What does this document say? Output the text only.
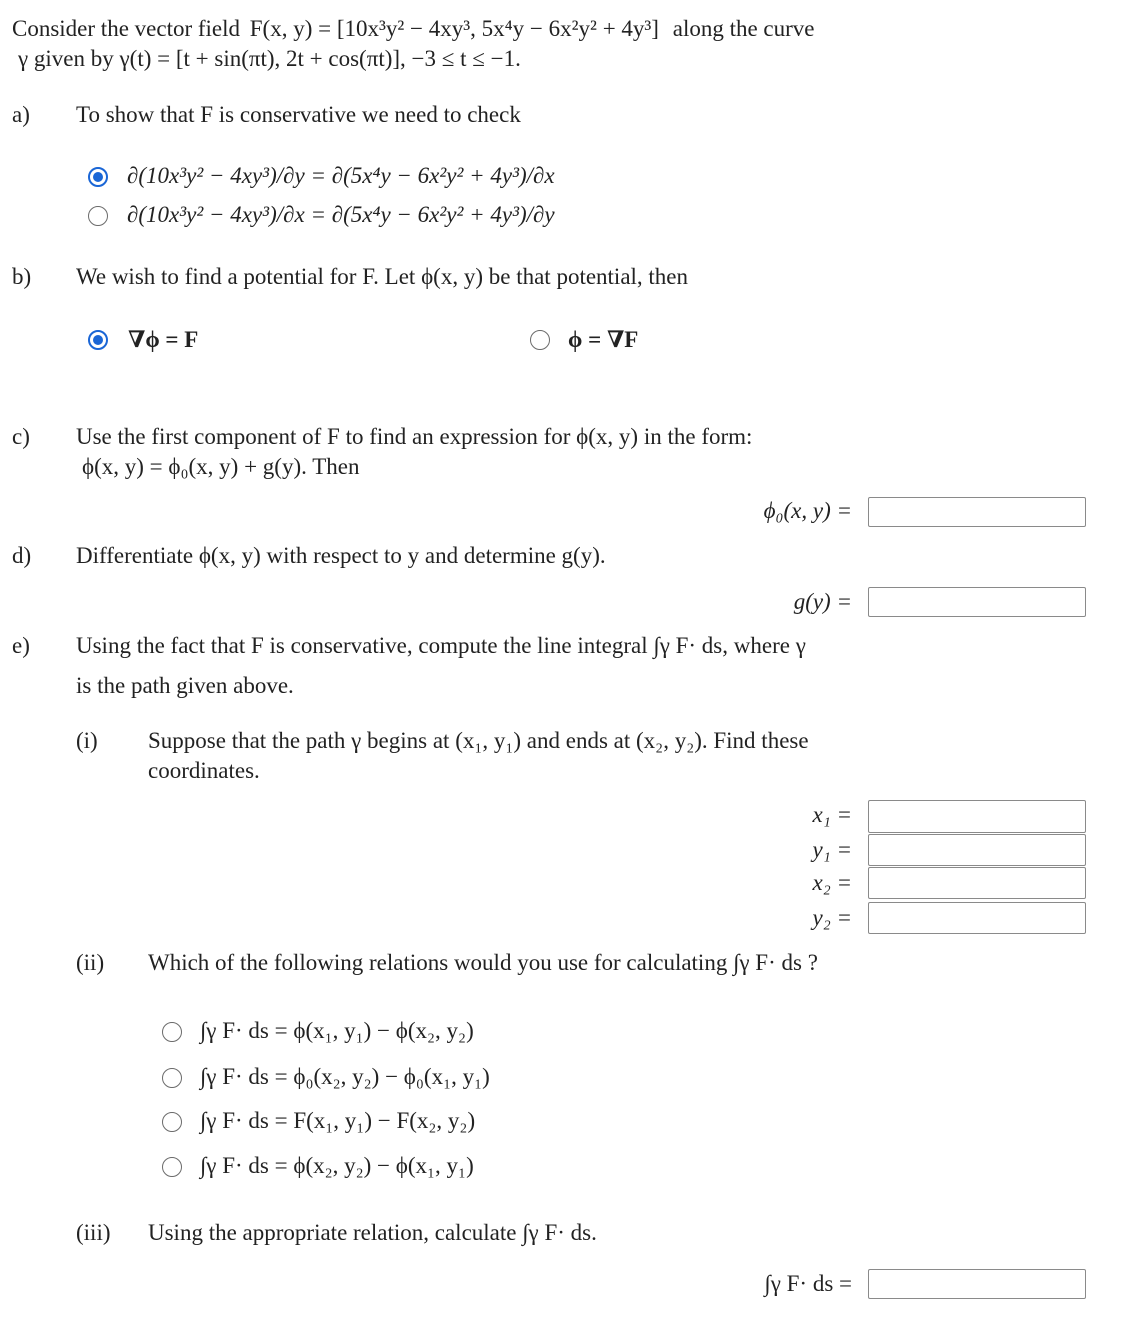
Consider the vector field F(x, y) = [10x³y² − 4xy³, 5x⁴y − 6x²y² + 4y³] along the curve
γ given by γ(t) = [t + sin(πt), 2t + cos(πt)], −3 ≤ t ≤ −1.
a) To show that F is conservative we need to check
∂(10x³y² − 4xy³)/∂y = ∂(5x⁴y − 6x²y² + 4y³)/∂x
∂(10x³y² − 4xy³)/∂x = ∂(5x⁴y − 6x²y² + 4y³)/∂y
b) We wish to find a potential for F. Let ϕ(x, y) be that potential, then
∇ϕ = F	ϕ = ∇F
c) Use the first component of F to find an expression for ϕ(x, y) in the form:
ϕ(x, y) = ϕ₀(x, y) + g(y). Then
ϕ₀(x, y) =
d) Differentiate ϕ(x, y) with respect to y and determine g(y).
g(y) =
e) Using the fact that F is conservative, compute the line integral ∫γ F· ds, where γ
is the path given above.
(i) Suppose that the path γ begins at (x₁, y₁) and ends at (x₂, y₂). Find these
coordinates.
x₁ =
y₁ =
x₂ =
y₂ =
(ii) Which of the following relations would you use for calculating ∫γ F· ds ?
∫γ F· ds = ϕ(x₁, y₁) − ϕ(x₂, y₂)
∫γ F· ds = ϕ₀(x₂, y₂) − ϕ₀(x₁, y₁)
∫γ F· ds = F(x₁, y₁) − F(x₂, y₂)
∫γ F· ds = ϕ(x₂, y₂) − ϕ(x₁, y₁)
(iii) Using the appropriate relation, calculate ∫γ F· ds.
∫γ F· ds =
